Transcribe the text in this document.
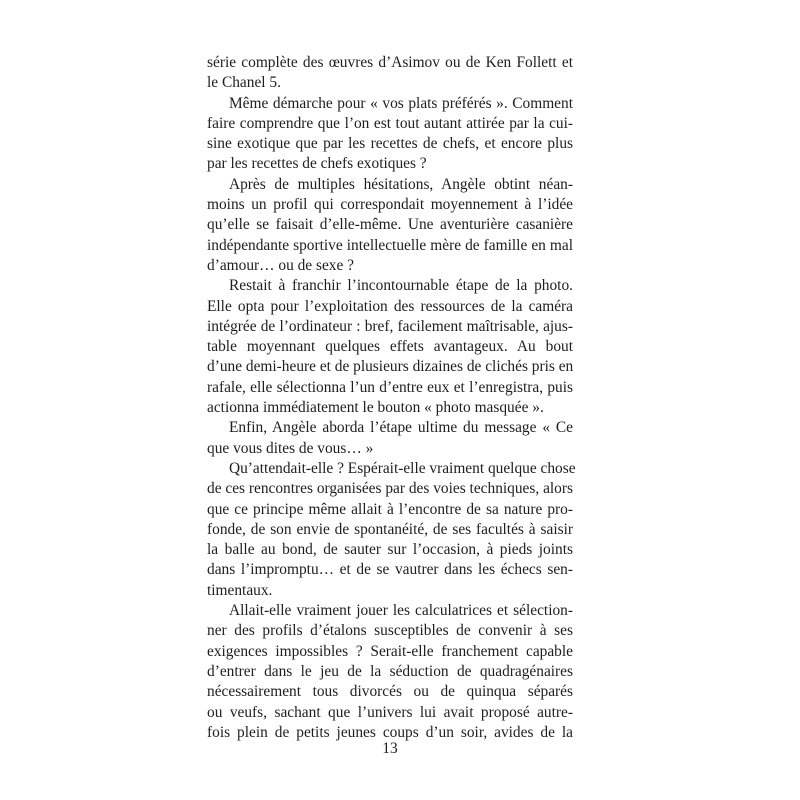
série complète des œuvres d’Asimov ou de Ken Follett et
le Chanel 5.
Même démarche pour « vos plats préférés ». Comment
faire comprendre que l’on est tout autant attirée par la cui-
sine exotique que par les recettes de chefs, et encore plus
par les recettes de chefs exotiques ?
Après de multiples hésitations, Angèle obtint néan-
moins un profil qui correspondait moyennement à l’idée
qu’elle se faisait d’elle-même. Une aventurière casanière
indépendante sportive intellectuelle mère de famille en mal
d’amour… ou de sexe ?
Restait à franchir l’incontournable étape de la photo.
Elle opta pour l’exploitation des ressources de la caméra
intégrée de l’ordinateur : bref, facilement maîtrisable, ajus-
table moyennant quelques effets avantageux. Au bout
d’une demi-heure et de plusieurs dizaines de clichés pris en
rafale, elle sélectionna l’un d’entre eux et l’enregistra, puis
actionna immédiatement le bouton « photo masquée ».
Enfin, Angèle aborda l’étape ultime du message « Ce
que vous dites de vous… »
Qu’attendait-elle ? Espérait-elle vraiment quelque chose
de ces rencontres organisées par des voies techniques, alors
que ce principe même allait à l’encontre de sa nature pro-
fonde, de son envie de spontanéité, de ses facultés à saisir
la balle au bond, de sauter sur l’occasion, à pieds joints
dans l’impromptu… et de se vautrer dans les échecs sen-
timentaux.
Allait-elle vraiment jouer les calculatrices et sélection-
ner des profils d’étalons susceptibles de convenir à ses
exigences impossibles ? Serait-elle franchement capable
d’entrer dans le jeu de la séduction de quadragénaires
nécessairement tous divorcés ou de quinqua séparés
ou veufs, sachant que l’univers lui avait proposé autre-
fois plein de petits jeunes coups d’un soir, avides de la
13
